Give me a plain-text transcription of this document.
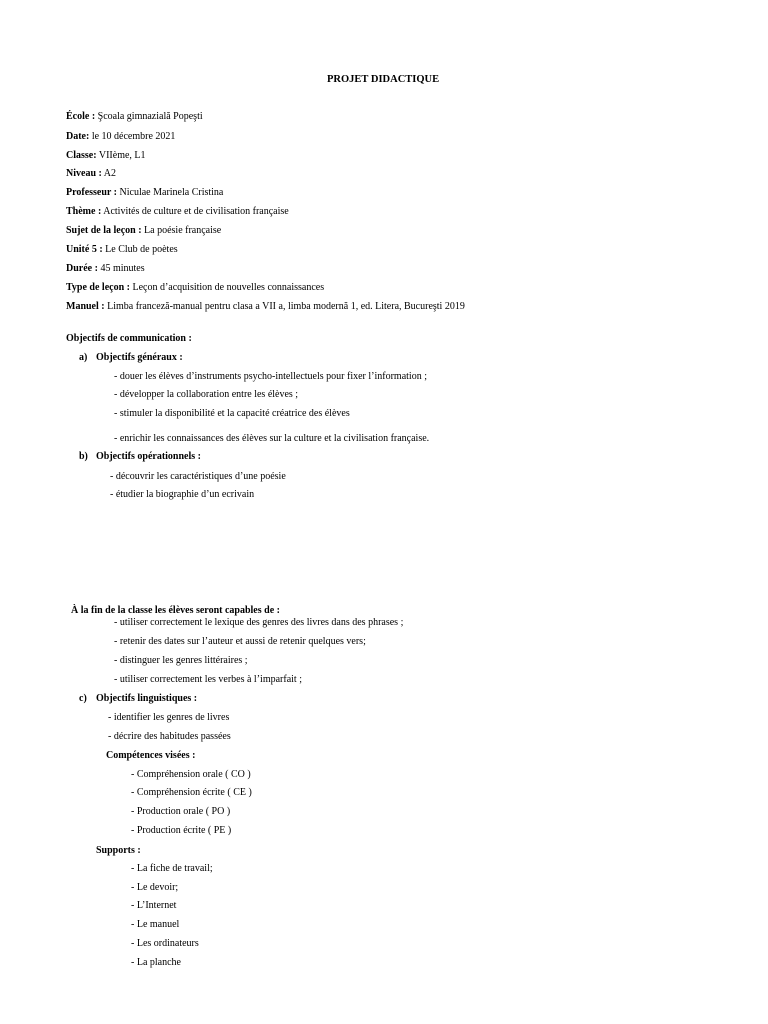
PROJET DIDACTIQUE
École : Şcoala gimnazială Popeşti
Date: le 10 décembre 2021
Classe: VIIème, L1
Niveau : A2
Professeur : Niculae Marinela Cristina
Thème : Activités de culture et de civilisation française
Sujet de la leçon : La poésie française
Unité 5 : Le Club de poètes
Durée : 45 minutes
Type de leçon : Leçon d’acquisition de nouvelles connaissances
Manuel : Limba franceză-manual pentru clasa a VII a, limba modernă 1, ed. Litera, Bucureşti 2019
Objectifs de communication :
a) Objectifs généraux :
- douer les élèves d’instruments psycho-intellectuels pour fixer l’information ;
- développer la collaboration entre les élèves ;
- stimuler la disponibilité et la capacité créatrice des élèves
- enrichir les connaissances des élèves sur la culture et la civilisation française.
b) Objectifs opérationnels :
- découvrir les caractéristiques d’une poésie
- étudier la biographie d’un ecrivain
À la fin de la classe les élèves seront capables de :
- utiliser correctement le lexique des genres des livres dans des phrases ;
- retenir des dates sur l’auteur et aussi de retenir quelques vers;
- distinguer les genres littéraires ;
- utiliser correctement les verbes à l’imparfait ;
c) Objectifs linguistiques :
- identifier les genres de livres
- décrire des habitudes passées
Compétences visées :
- Compréhension orale ( CO )
- Compréhension écrite ( CE )
- Production orale ( PO )
- Production écrite ( PE )
Supports :
- La fiche de travail;
- Le devoir;
- L’Internet
- Le manuel
- Les ordinateurs
- La planche
